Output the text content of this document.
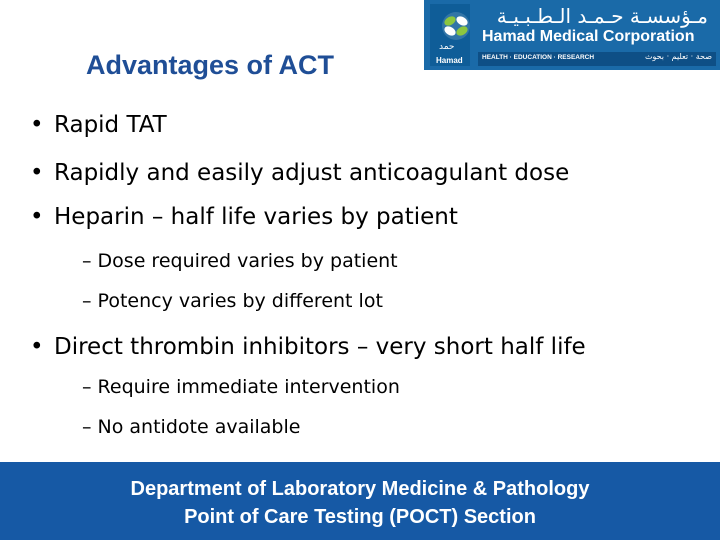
حمد
Hamad
مـؤسسـة حـمـد الـطـبـيـة
Hamad Medical Corporation
HEALTH · EDUCATION · RESEARCH	صحة · تعليم · بحوث
Advantages of ACT
• Rapid TAT
• Rapidly and easily adjust anticoagulant dose
• Heparin – half life varies by patient
– Dose required varies by patient
– Potency varies by different lot
• Direct thrombin inhibitors – very short half life
– Require immediate intervention
– No antidote available
Department of Laboratory Medicine & Pathology
Point of Care Testing (POCT) Section
